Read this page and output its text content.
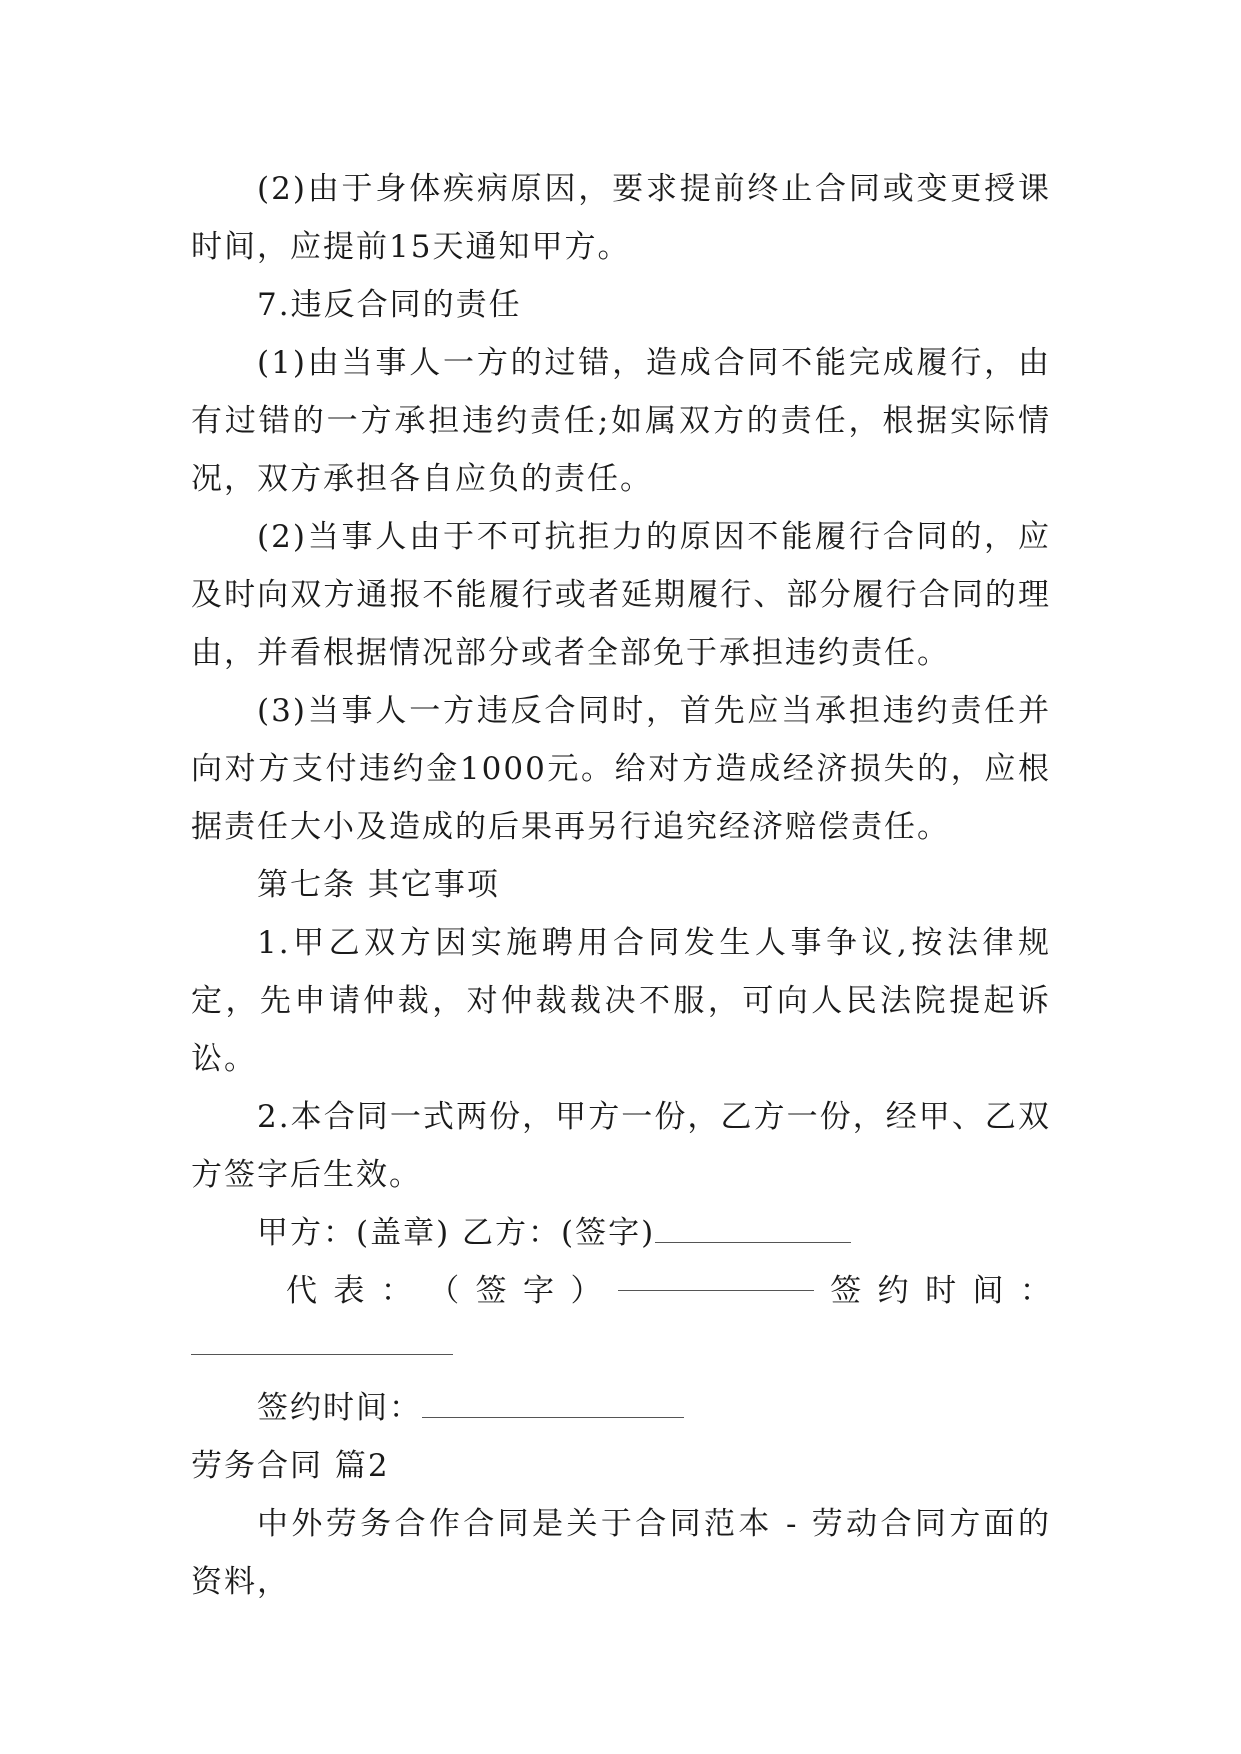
(2)由于身体疾病原因，要求提前终止合同或变更授课时间，应提前15天通知甲方。

7.违反合同的责任

(1)由当事人一方的过错，造成合同不能完成履行，由有过错的一方承担违约责任;如属双方的责任，根据实际情况，双方承担各自应负的责任。

(2)当事人由于不可抗拒力的原因不能履行合同的，应及时向双方通报不能履行或者延期履行、部分履行合同的理由，并看根据情况部分或者全部免于承担违约责任。

(3)当事人一方违反合同时，首先应当承担违约责任并向对方支付违约金1000元。给对方造成经济损失的，应根据责任大小及造成的后果再另行追究经济赔偿责任。

第七条 其它事项

1.甲乙双方因实施聘用合同发生人事争议,按法律规定，先申请仲裁，对仲裁裁决不服，可向人民法院提起诉讼。

2.本合同一式两份，甲方一份，乙方一份，经甲、乙双方签字后生效。

甲方：(盖章) 乙方：(签字)

代 表 ： （ 签 字 ）	签 约 时 间 ：

签约时间：

劳务合同 篇2

中外劳务合作合同是关于合同范本 - 劳动合同方面的资料，
